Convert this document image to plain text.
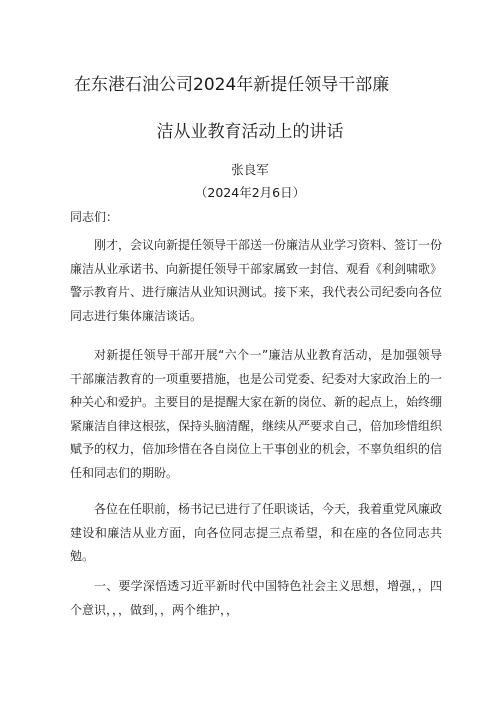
在东港石油公司2024年新提任领导干部廉
洁从业教育活动上的讲话
张良军
（2024年2月6日）
同志们：
刚才，会议向新提任领导干部送一份廉洁从业学习资料、签订一份廉洁从业承诺书、向新提任领导干部家属致一封信、观看《利剑啸歌》警示教育片、进行廉洁从业知识测试。接下来，我代表公司纪委向各位同志进行集体廉洁谈话。
对新提任领导干部开展“六个一”廉洁从业教育活动，是加强领导干部廉洁教育的一项重要措施，也是公司党委、纪委对大家政治上的一种关心和爱护。主要目的是提醒大家在新的岗位、新的起点上，始终绷紧廉洁自律这根弦，保持头脑清醒，继续从严要求自己，倍加珍惜组织赋予的权力，倍加珍惜在各自岗位上干事创业的机会，不辜负组织的信任和同志们的期盼。
各位在任职前，杨书记已进行了任职谈话，今天，我着重党风廉政建设和廉洁从业方面，向各位同志提三点希望，和在座的各位同志共勉。
一、要学深悟透习近平新时代中国特色社会主义思想，增强，，四个意识，，，做到，，两个维护，，
